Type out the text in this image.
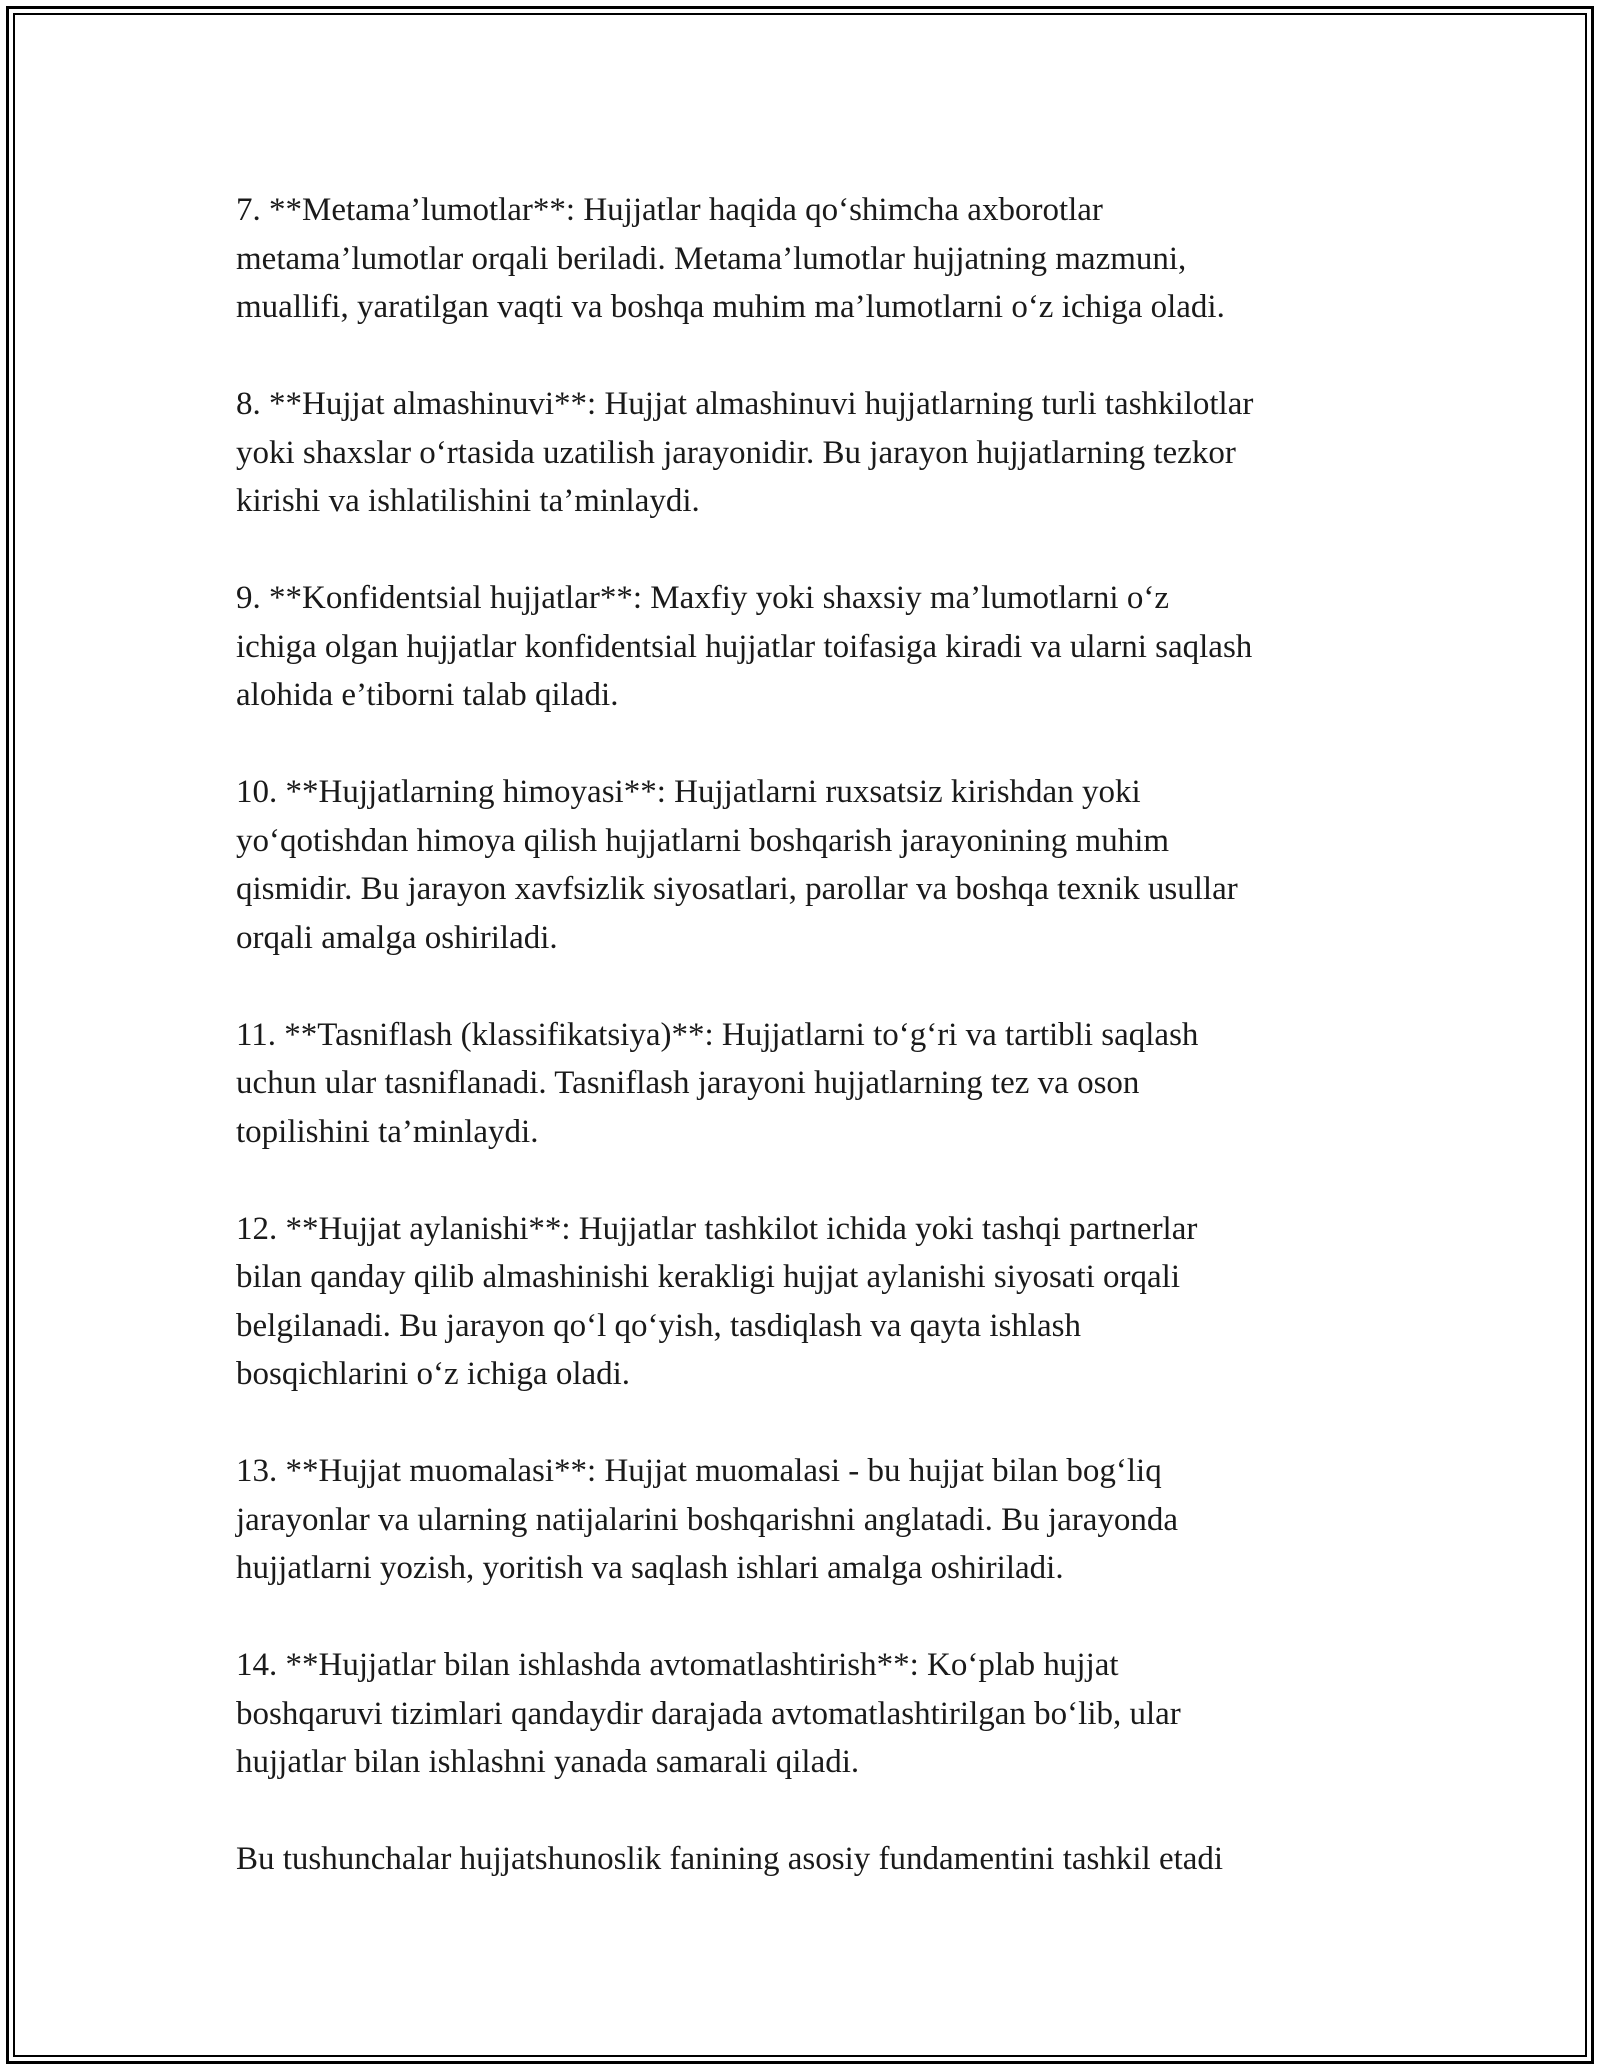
7. **Metama’lumotlar**: Hujjatlar haqida qo‘shimcha axborotlar
metama’lumotlar orqali beriladi. Metama’lumotlar hujjatning mazmuni,
muallifi, yaratilgan vaqti va boshqa muhim ma’lumotlarni o‘z ichiga oladi.

8. **Hujjat almashinuvi**: Hujjat almashinuvi hujjatlarning turli tashkilotlar
yoki shaxslar o‘rtasida uzatilish jarayonidir. Bu jarayon hujjatlarning tezkor
kirishi va ishlatilishini ta’minlaydi.

9. **Konfidentsial hujjatlar**: Maxfiy yoki shaxsiy ma’lumotlarni o‘z
ichiga olgan hujjatlar konfidentsial hujjatlar toifasiga kiradi va ularni saqlash
alohida e’tiborni talab qiladi.

10. **Hujjatlarning himoyasi**: Hujjatlarni ruxsatsiz kirishdan yoki
yo‘qotishdan himoya qilish hujjatlarni boshqarish jarayonining muhim
qismidir. Bu jarayon xavfsizlik siyosatlari, parollar va boshqa texnik usullar
orqali amalga oshiriladi.

11. **Tasniflash (klassifikatsiya)**: Hujjatlarni to‘g‘ri va tartibli saqlash
uchun ular tasniflanadi. Tasniflash jarayoni hujjatlarning tez va oson
topilishini ta’minlaydi.

12. **Hujjat aylanishi**: Hujjatlar tashkilot ichida yoki tashqi partnerlar
bilan qanday qilib almashinishi kerakligi hujjat aylanishi siyosati orqali
belgilanadi. Bu jarayon qo‘l qo‘yish, tasdiqlash va qayta ishlash
bosqichlarini o‘z ichiga oladi.

13. **Hujjat muomalasi**: Hujjat muomalasi - bu hujjat bilan bog‘liq
jarayonlar va ularning natijalarini boshqarishni anglatadi. Bu jarayonda
hujjatlarni yozish, yoritish va saqlash ishlari amalga oshiriladi.

14. **Hujjatlar bilan ishlashda avtomatlashtirish**: Ko‘plab hujjat
boshqaruvi tizimlari qandaydir darajada avtomatlashtirilgan bo‘lib, ular
hujjatlar bilan ishlashni yanada samarali qiladi.

Bu tushunchalar hujjatshunoslik fanining asosiy fundamentini tashkil etadi
